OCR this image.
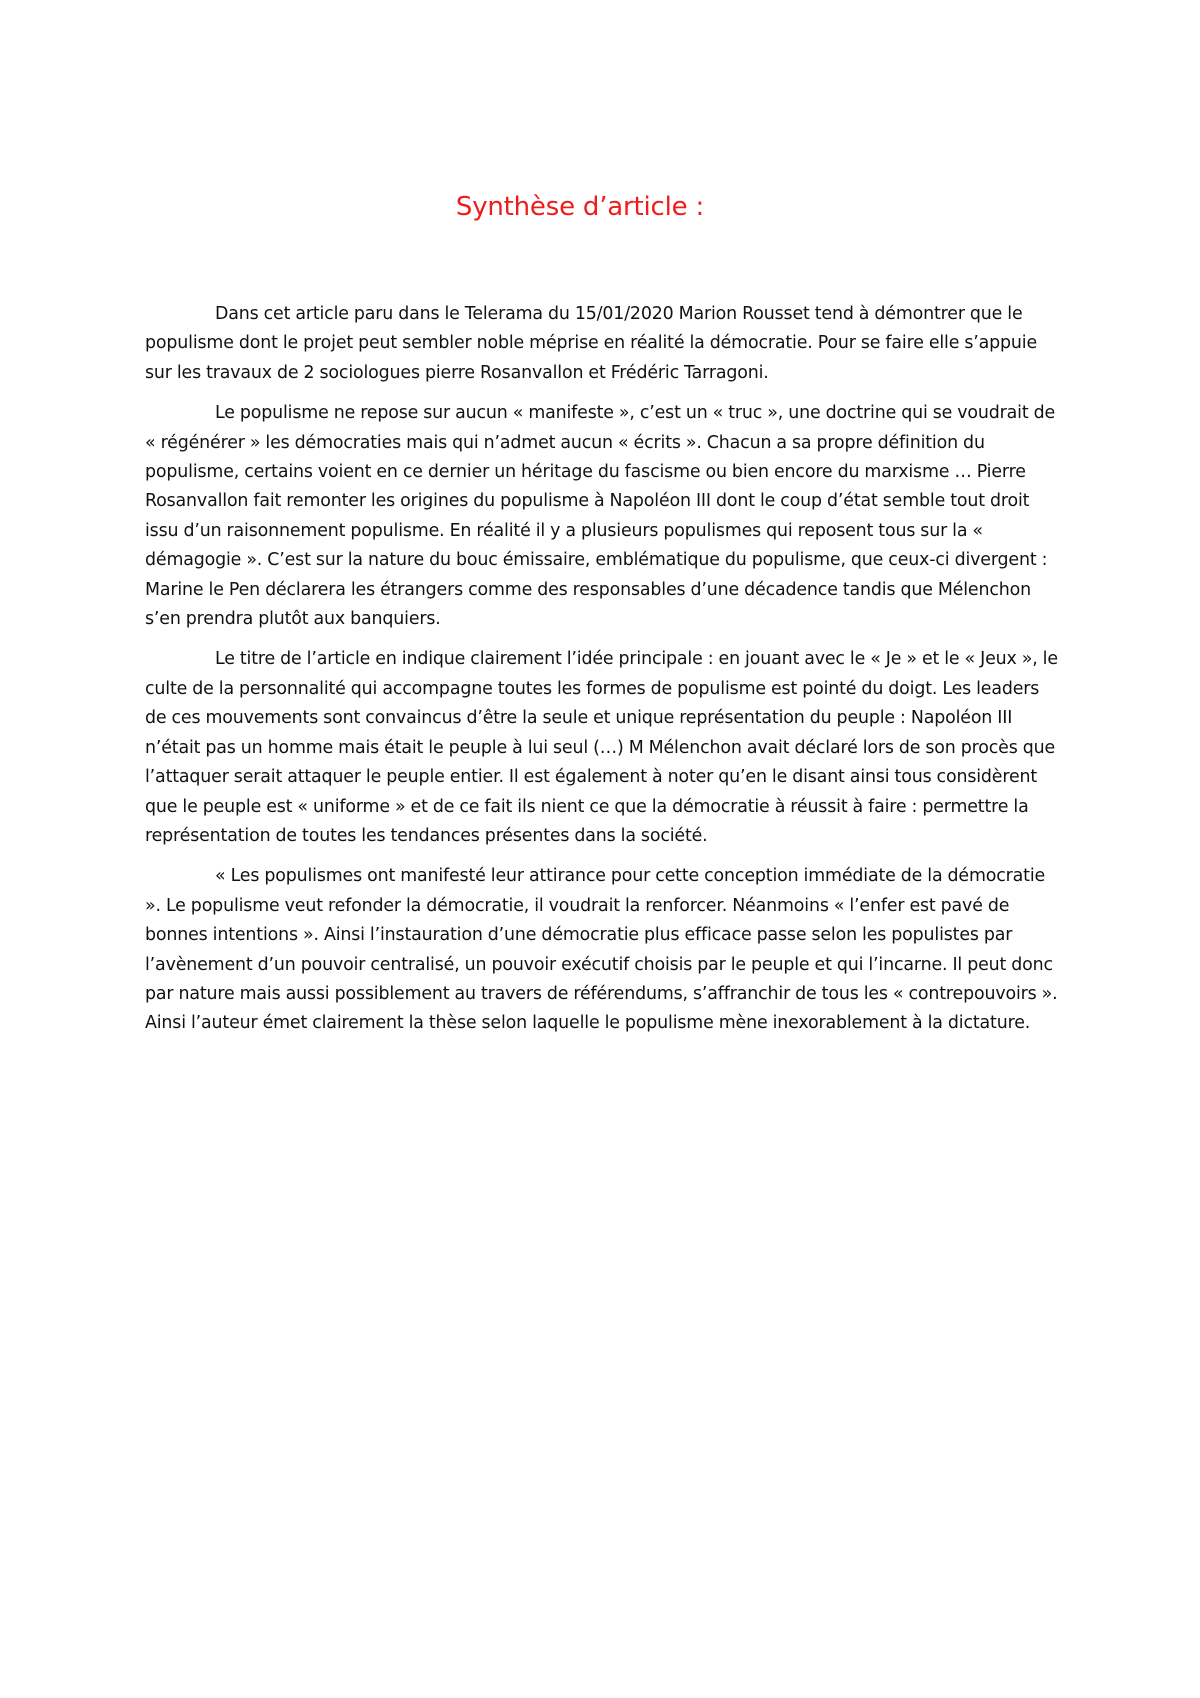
Synthèse d’article :

Dans cet article paru dans le Telerama du 15/01/2020 Marion Rousset tend à démontrer que le populisme dont le projet peut sembler noble méprise en réalité la démocratie. Pour se faire elle s’appuie sur les travaux de 2 sociologues pierre Rosanvallon et Frédéric Tarragoni.

Le populisme ne repose sur aucun « manifeste », c’est un « truc », une doctrine qui se voudrait de « régénérer » les démocraties mais qui n’admet aucun « écrits ». Chacun a sa propre définition du populisme, certains voient en ce dernier un héritage du fascisme ou bien encore du marxisme … Pierre Rosanvallon fait remonter les origines du populisme à Napoléon III dont le coup d’état semble tout droit issu d’un raisonnement populisme. En réalité il y a plusieurs populismes qui reposent tous sur la « démagogie ». C’est sur la nature du bouc émissaire, emblématique du populisme, que ceux-ci divergent : Marine le Pen déclarera les étrangers comme des responsables d’une décadence tandis que Mélenchon s’en prendra plutôt aux banquiers.

Le titre de l’article en indique clairement l’idée principale : en jouant avec le « Je » et le « Jeux », le culte de la personnalité qui accompagne toutes les formes de populisme est pointé du doigt. Les leaders de ces mouvements sont convaincus d’être la seule et unique représentation du peuple : Napoléon III n’était pas un homme mais était le peuple à lui seul (…) M Mélenchon avait déclaré lors de son procès que l’attaquer serait attaquer le peuple entier. Il est également à noter qu’en le disant ainsi tous considèrent que le peuple est « uniforme » et de ce fait ils nient ce que la démocratie à réussit à faire : permettre la représentation de toutes les tendances présentes dans la société.

« Les populismes ont manifesté leur attirance pour cette conception immédiate de la démocratie ». Le populisme veut refonder la démocratie, il voudrait la renforcer. Néanmoins « l’enfer est pavé de bonnes intentions ». Ainsi l’instauration d’une démocratie plus efficace passe selon les populistes par l’avènement d’un pouvoir centralisé, un pouvoir exécutif choisis par le peuple et qui l’incarne. Il peut donc par nature mais aussi possiblement au travers de référendums, s’affranchir de tous les « contrepouvoirs ». Ainsi l’auteur émet clairement la thèse selon laquelle le populisme mène inexorablement à la dictature.
